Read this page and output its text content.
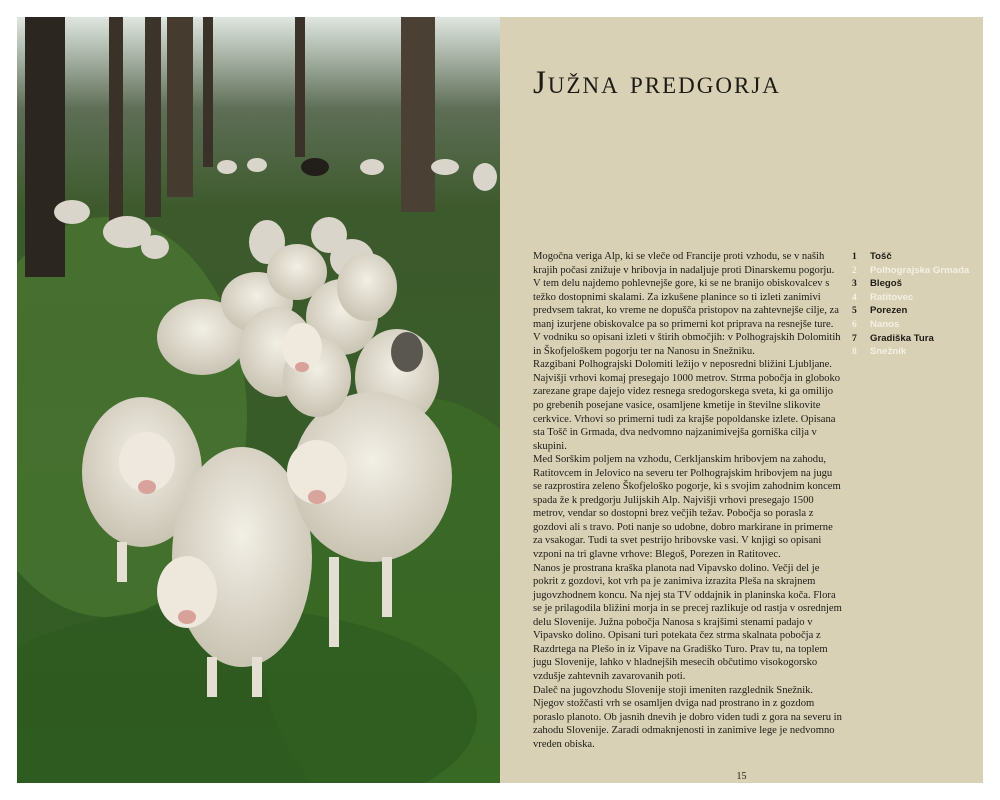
Južna predgorja

Mogočna veriga Alp, ki se vleče od Francije proti vzhodu, se v naših krajih počasi znižuje v hribovja in nadaljuje proti Dinarskemu pogorju. V tem delu najdemo pohlevnejše gore, ki se ne branijo obiskovalcev s težko dostopnimi skalami. Za izkušene planince so ti izleti zanimivi predvsem takrat, ko vreme ne dopušča pristopov na zahtevnejše cilje, za manj izurjene obiskovalce pa so primerni kot priprava na resnejše ture. V vodniku so opisani izleti v štirih območjih: v Polhograjskih Dolomitih in Škofjeloškem pogorju ter na Nanosu in Snežniku.

Razgibani Polhograjski Dolomiti ležijo v neposredni bližini Ljubljane. Najvišji vrhovi komaj presegajo 1000 metrov. Strma pobočja in globoko zarezane grape dajejo videz resnega sredogorskega sveta, ki ga omilijo po grebenih posejane vasice, osamljene kmetije in številne slikovite cerkvice. Vrhovi so primerni tudi za krajše popoldanske izlete. Opisana sta Tošč in Grmada, dva nedvomno najzanimivejša gorniška cilja v skupini.

Med Sorškim poljem na vzhodu, Cerkljanskim hribovjem na zahodu, Ratitovcem in Jelovico na severu ter Polhograjskim hribovjem na jugu se razprostira zeleno Škofjeloško pogorje, ki s svojim zahodnim koncem spada že k predgorju Julijskih Alp. Najvišji vrhovi presegajo 1500 metrov, vendar so dostopni brez večjih težav. Pobočja so porasla z gozdovi ali s travo. Poti nanje so udobne, dobro markirane in primerne za vsakogar. Tudi ta svet pestrijo hribovske vasi. V knjigi so opisani vzponi na tri glavne vrhove: Blegoš, Porezen in Ratitovec.

Nanos je prostrana kraška planota nad Vipavsko dolino. Večji del je pokrit z gozdovi, kot vrh pa je zanimiva izrazita Pleša na skrajnem jugovzhodnem koncu. Na njej sta TV oddajnik in planinska koča. Flora se je prilagodila bližini morja in se precej razlikuje od rastja v osrednjem delu Slovenije. Južna pobočja Nanosa s krajšimi stenami padajo v Vipavsko dolino. Opisani turi potekata čez strma skalnata pobočja z Razdrtega na Plešo in iz Vipave na Gradiško Turo. Prav tu, na toplem jugu Slovenije, lahko v hladnejših mesecih občutimo visokogorsko vzdušje zahtevnih zavarovanih poti.

Daleč na jugovzhodu Slovenije stoji imeniten razglednik Snežnik. Njegov stožčasti vrh se osamljen dviga nad prostrano in z gozdom poraslo planoto. Ob jasnih dnevih je dobro viden tudi z gora na severu in zahodu Slovenije. Zaradi odmaknjenosti in zanimive lege je nedvomno vreden obiska.

1	Tošč
2	Polhograjska Grmada
3	Blegoš
4	Ratitovec
5	Porezen
6	Nanos
7	Gradiška Tura
8	Snežnik
15
